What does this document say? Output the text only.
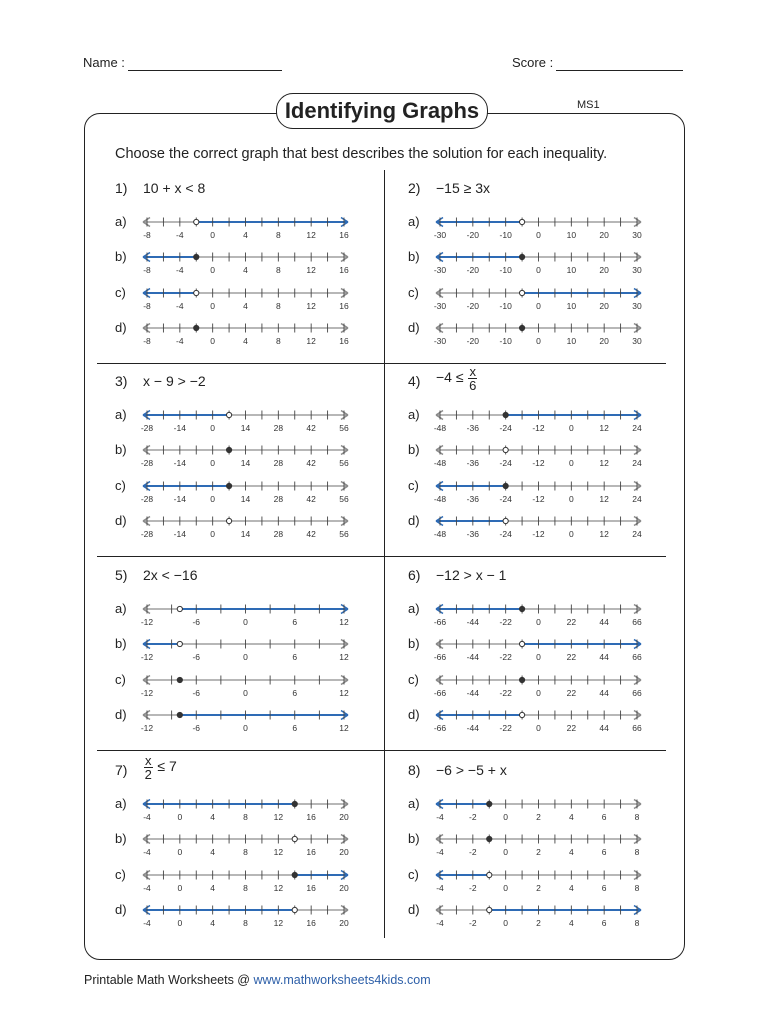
Name :	Score :
Identifying Graphs	MS1
Choose the correct graph that best describes the solution for each inequality.
1) 10 + x < 8
a)
-8	-4	0	4	8	12	16
b)
-8	-4	0	4	8	12	16
c)
-8	-4	0	4	8	12	16
d)
-8	-4	0	4	8	12	16
2) −15 ≥ 3x
a)
-30 -20 -10	0	10	20	30
b)
-30 -20 -10	0	10	20	30
c)
-30 -20 -10	0	10	20	30
d)
-30 -20 -10	0	10	20	30
3) x − 9 > −2
a)
-28 -14	0	14	28	42	56
b)
-28 -14	0	14	28	42	56
c)
-28 -14	0	14	28	42	56
d)
-28 -14	0	14	28	42	56
$4) -4 \le \frac{x}{6}$
a)
-48 -36 -24 -12	0	12	24
b)
-48 -36 -24 -12	0	12	24
c)
-48 -36 -24 -12	0	12	24
d)
-48 -36 -24 -12	0	12	24
5) 2x < −16
a)
-12	-6	0	6	12
b)
-12	-6	0	6	12
c)
-12	-6	0	6	12
d)
-12	-6	0	6	12
6) −12 > x − 1
a)
-66 -44 -22	0	22	44	66
b)
-66 -44 -22	0	22	44	66
c)
-66 -44 -22	0	22	44	66
d)
-66 -44 -22	0	22	44	66
$7) \frac{x}{2} \le 7$
a)
-4	0	4	8	12	16	20
b)
-4	0	4	8	12	16	20
c)
-4	0	4	8	12	16	20
d)
-4	0	4	8	12	16	20
8) −6 > −5 + x
a)
-4	-2	0	2	4	6	8
b)
-4	-2	0	2	4	6	8
c)
-4	-2	0	2	4	6	8
d)
-4	-2	0	2	4	6	8
Printable Math Worksheets @ www.mathworksheets4kids.com
